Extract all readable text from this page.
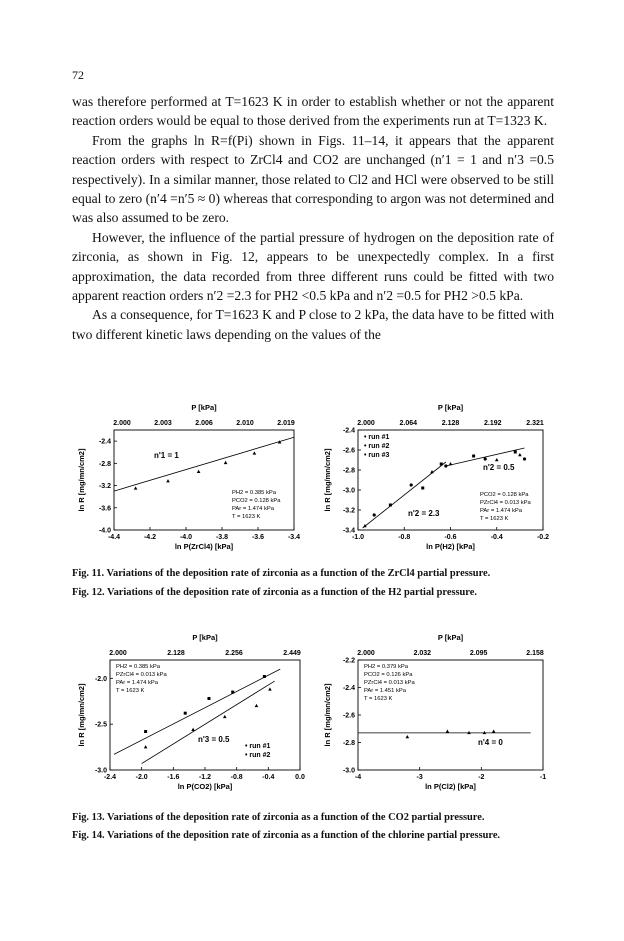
72

was therefore performed at T=1623 K in order to establish whether or not the apparent reaction orders would be equal to those derived from the experiments run at T=1323 K.

From the graphs ln R=f(Pi) shown in Figs. 11–14, it appears that the apparent reaction orders with respect to ZrCl4 and CO2 are unchanged (n′1 = 1 and n′3 =0.5 respectively). In a similar manner, those related to Cl2 and HCl were observed to be still equal to zero (n′4 =n′5 ≈ 0) whereas that corresponding to argon was not determined and was also assumed to be zero.

However, the influence of the partial pressure of hydrogen on the deposition rate of zirconia, as shown in Fig. 12, appears to be unexpectedly complex. In a first approximation, the data recorded from three different runs could be fitted with two apparent reaction orders n′2 =2.3 for PH2 <0.5 kPa and n′2 =0.5 for PH2 >0.5 kPa.

As a consequence, for T=1623 K and P close to 2 kPa, the data have to be fitted with two different kinetic laws depending on the values of the

P [kPa]
2.000	2.003	2.006	2.010	2.019
-4.4	-4.2	-4.0	-3.8	-3.6	-3.4
ln P(ZrCl4) [kPa]
-4.0
-3.6
-3.2
-2.8
-2.4
ln R [mg/mn/cm2]	n'1 = 1
PH2 = 0.385 kPa
PCO2 = 0.128 kPa
PAr = 1.474 kPa
T = 1623 K
P [kPa]
2.000	2.064	2.128	2.192	2.321
-1.0	-0.8	-0.6	-0.4	-0.2
ln P(H2) [kPa]
-3.4
-3.2
-3.0
-2.8
-2.6
-2.4
ln R [mg/mn/cm2]	n'2 = 0.5
n'2 = 2.3
• run #1
• run #2
• run #3
PCO2 = 0.128 kPa
PZrCl4 = 0.013 kPa
PAr = 1.474 kPa
T = 1623 K
Fig. 11. Variations of the deposition rate of zirconia as a function of the ZrCl4 partial pressure.
Fig. 12. Variations of the deposition rate of zirconia as a function of the H2 partial pressure.
P [kPa]
2.000	2.128	2.256	2.449
-2.4	-2.0	-1.6	-1.2	-0.8	-0.4	0.0
ln P(CO2) [kPa]
-3.0
-2.5
-2.0
ln R [mg/mn/cm2]	n'3 = 0.5
PH2 = 0.385 kPa
PZrCl4 = 0.013 kPa
PAr = 1.474 kPa
T = 1623 K
• run #1
• run #2
P [kPa]
2.000	2.032	2.095	2.158
-4	-3	-2	-1
ln P(Cl2) [kPa]
-3.0
-2.8
-2.6
-2.4
-2.2
ln R [mg/mn/cm2]	n'4 = 0
PH2 = 0.379 kPa
PCO2 = 0.126 kPa
PZrCl4 = 0.013 kPa
PAr = 1.451 kPa
T = 1623 K
Fig. 13. Variations of the deposition rate of zirconia as a function of the CO2 partial pressure.
Fig. 14. Variations of the deposition rate of zirconia as a function of the chlorine partial pressure.
